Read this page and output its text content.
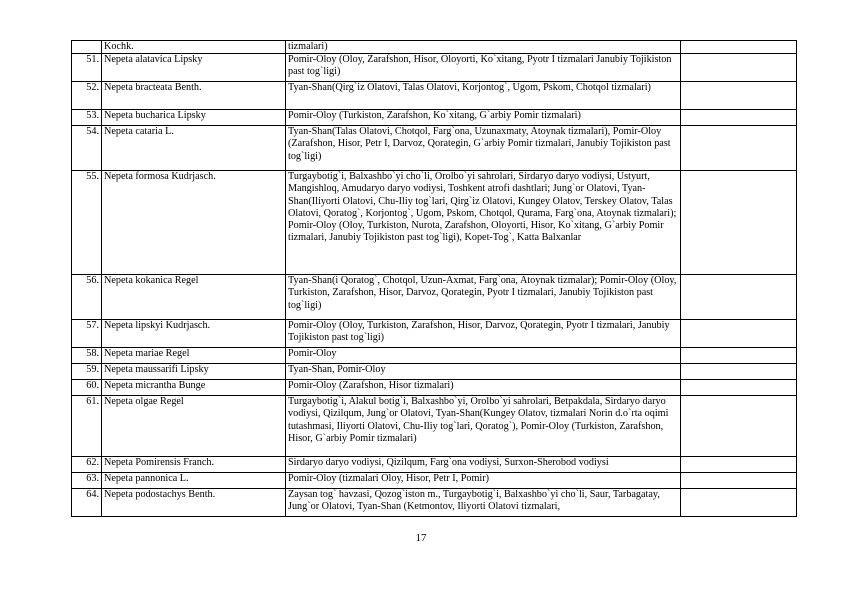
	Kochk.	tizmalari)	
51.	Nepeta alatavica Lipsky	Pomir-Oloy (Oloy, Zarafshon, Hisor, Oloyorti, Ko`xitang, Pyotr I tizmalari Janubiy Tojikiston past tog`ligi)	
52.	Nepeta bracteata Benth.	Tyan-Shan(Qirg`iz Olatovi, Talas Olatovi, Korjontog`, Ugom, Pskom, Chotqol tizmalari)	
53.	Nepeta bucharica Lipsky	Pomir-Oloy (Turkiston, Zarafshon, Ko`xitang, G`arbiy Pomir tizmalari)	
54.	Nepeta cataria L.	Tyan-Shan(Talas Olatovi, Chotqol, Farg`ona, Uzunaxmaty, Atoynak tizmalari), Pomir-Oloy (Zarafshon, Hisor, Petr I, Darvoz, Qorategin, G`arbiy Pomir tizmalari, Janubiy Tojikiston past tog`ligi)	
55.	Nepeta formosa Kudrjasch.	Turgaybotig`i, Balxashbo`yi cho`li, Orolbo`yi sahrolari, Sirdaryo daryo vodiysi, Ustyurt, Mangishloq, Amudaryo daryo vodiysi, Toshkent atrofi dashtlari; Jung`or Olatovi, Tyan-Shan(Iliyorti Olatovi, Chu-Iliy tog`lari, Qirg`iz Olatovi, Kungey Olatov, Terskey Olatov, Talas Olatovi, Qoratog`, Korjontog`, Ugom, Pskom, Chotqol, Qurama, Farg`ona, Atoynak tizmalari); Pomir-Oloy (Oloy, Turkiston, Nurota, Zarafshon, Oloyorti, Hisor, Ko`xitang, G`arbiy Pomir tizmalari, Janubiy Tojikiston past tog`ligi), Kopet-Tog`, Katta Balxanlar	
56.	Nepeta kokanica Regel	Tyan-Shan(i Qoratog`, Chotqol, Uzun-Axmat, Farg`ona, Atoynak tizmalar); Pomir-Oloy (Oloy, Turkiston, Zarafshon, Hisor, Darvoz, Qorategin, Pyotr I tizmalari, Janubiy Tojikiston past tog`ligi)	
57.	Nepeta lipskyi Kudrjasch.	Pomir-Oloy (Oloy, Turkiston, Zarafshon, Hisor, Darvoz, Qorategin, Pyotr I tizmalari, Janubiy Tojikiston past tog`ligi)	
58.	Nepeta mariae Regel	Pomir-Oloy	
59.	Nepeta maussarifi Lipsky	Tyan-Shan, Pomir-Oloy	
60.	Nepeta micrantha Bunge	Pomir-Oloy (Zarafshon, Hisor tizmalari)	
61.	Nepeta olgae Regel	Turgaybotig`i, Alakul botig`i, Balxashbo`yi, Orolbo`yi sahrolari, Betpakdala, Sirdaryo daryo vodiysi, Qizilqum, Jung`or Olatovi, Tyan-Shan(Kungey Olatov, tizmalari Norin d.o`rta oqimi tutashmasi, Iliyorti Olatovi, Chu-Iliy tog`lari, Qoratog`), Pomir-Oloy (Turkiston, Zarafshon, Hisor, G`arbiy Pomir tizmalari)	
62.	Nepeta Pomirensis Franch.	Sirdaryo daryo vodiysi, Qizilqum, Farg`ona vodiysi, Surxon-Sherobod vodiysi	
63.	Nepeta pannonica L.	Pomir-Oloy (tizmalari Oloy, Hisor, Petr I, Pomir)	
64.	Nepeta podostachys Benth.	Zaysan tog` havzasi, Qozog`iston m., Turgaybotig`i, Balxashbo`yi cho`li, Saur, Tarbagatay, Jung`or Olatovi, Tyan-Shan (Ketmontov, Iliyorti Olatovi tizmalari,	
17
